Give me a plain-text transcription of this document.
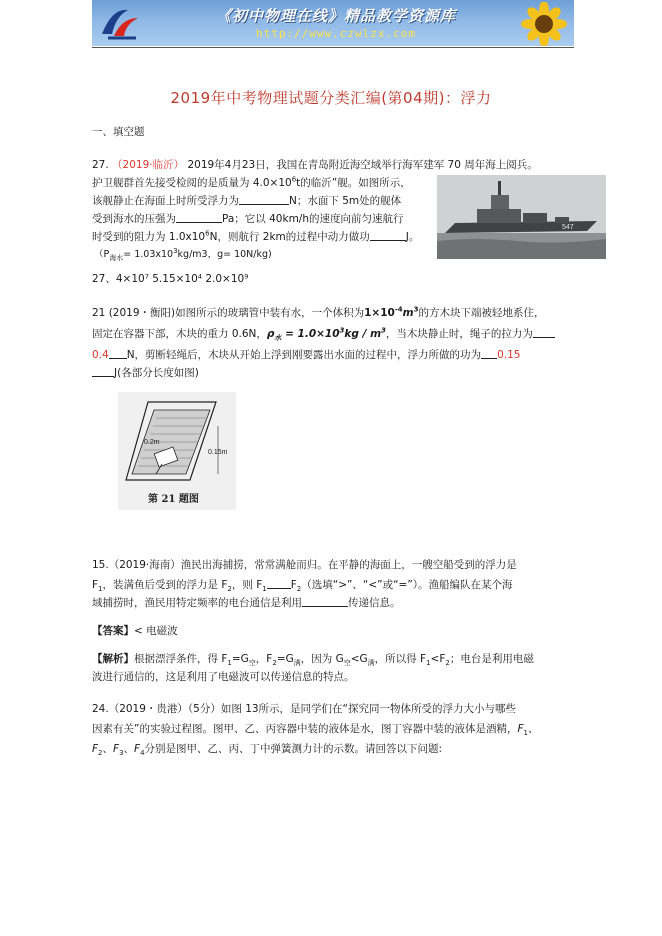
《初中物理在线》精品教学资源库
http://www.czwlzx.com
2019年中考物理试题分类汇编(第04期)：浮力
一、填空题
27. （2019·临沂） 2019年4月23日，我国在青岛附近海空域举行海军建军 70 周年海上阅兵。
护卫舰群首先接受检阅的是质量为 $4.0\times 10^6t$的临沂”舰。如图所示，
该舰静止在海面上时所受浮力为	N；水面下 5m处的舰体
受到海水的压强为	Pa；它以 40km/h的速度向前匀速航行
时受到的阻力为 $1.0x10^6N$，则航行 2km的过程中动力做功	J。
（$P_{海水}= 1.03x10^3kg/m3$，g= 10N/kg)
547
27、4×10⁷ 5.15×10⁴ 2.0×10⁹
21 (2019・衡阳)如图所示的玻璃管中装有水，一个体积为$1\times 10^{-4}m^3$的方木块下端被轻地系住，
固定在容器下部，木块的重力 0.6N，$\rho_水 = 1.0\times 10^3kg / m^3$，当木块静止时，绳子的拉力为
0.4 N，剪断轻绳后，木块从开始上浮到刚要露出水面的过程中，浮力所做的功为 0.15
J(各部分长度如图)
0.2m
0.15m
第 21 题图
15.（2019·海南）渔民出海捕捞，常常满舱而归。在平静的海面上，一艘空船受到的浮力是
$F_1$，装满鱼后受到的浮力是 $F_2$，则 $F_1$ $F_2$（选填“>”、“<”或“=”）。渔船编队在某个海
域捕捞时，渔民用特定频率的电台通信是利用	传递信息。
【答案】< 电磁波
【解析】根据漂浮条件，得 $F_1=G_空$，$F_2=G_满$，因为 $G_空<G_满$，所以得 $F_1<F_2$；电台是利用电磁
波进行通信的，这是利用了电磁波可以传递信息的特点。
24.（2019・贵港）（5分）如图 13所示，是同学们在“探究同一物体所受的浮力大小与哪些
因素有关”的实验过程图。图甲、乙、丙容器中装的液体是水，图丁容器中装的液体是酒精，$F_1$、
$F_2$、$F_3$、$F_4$分别是图甲、乙、丙、丁中弹簧测力计的示数。请回答以下问题:
